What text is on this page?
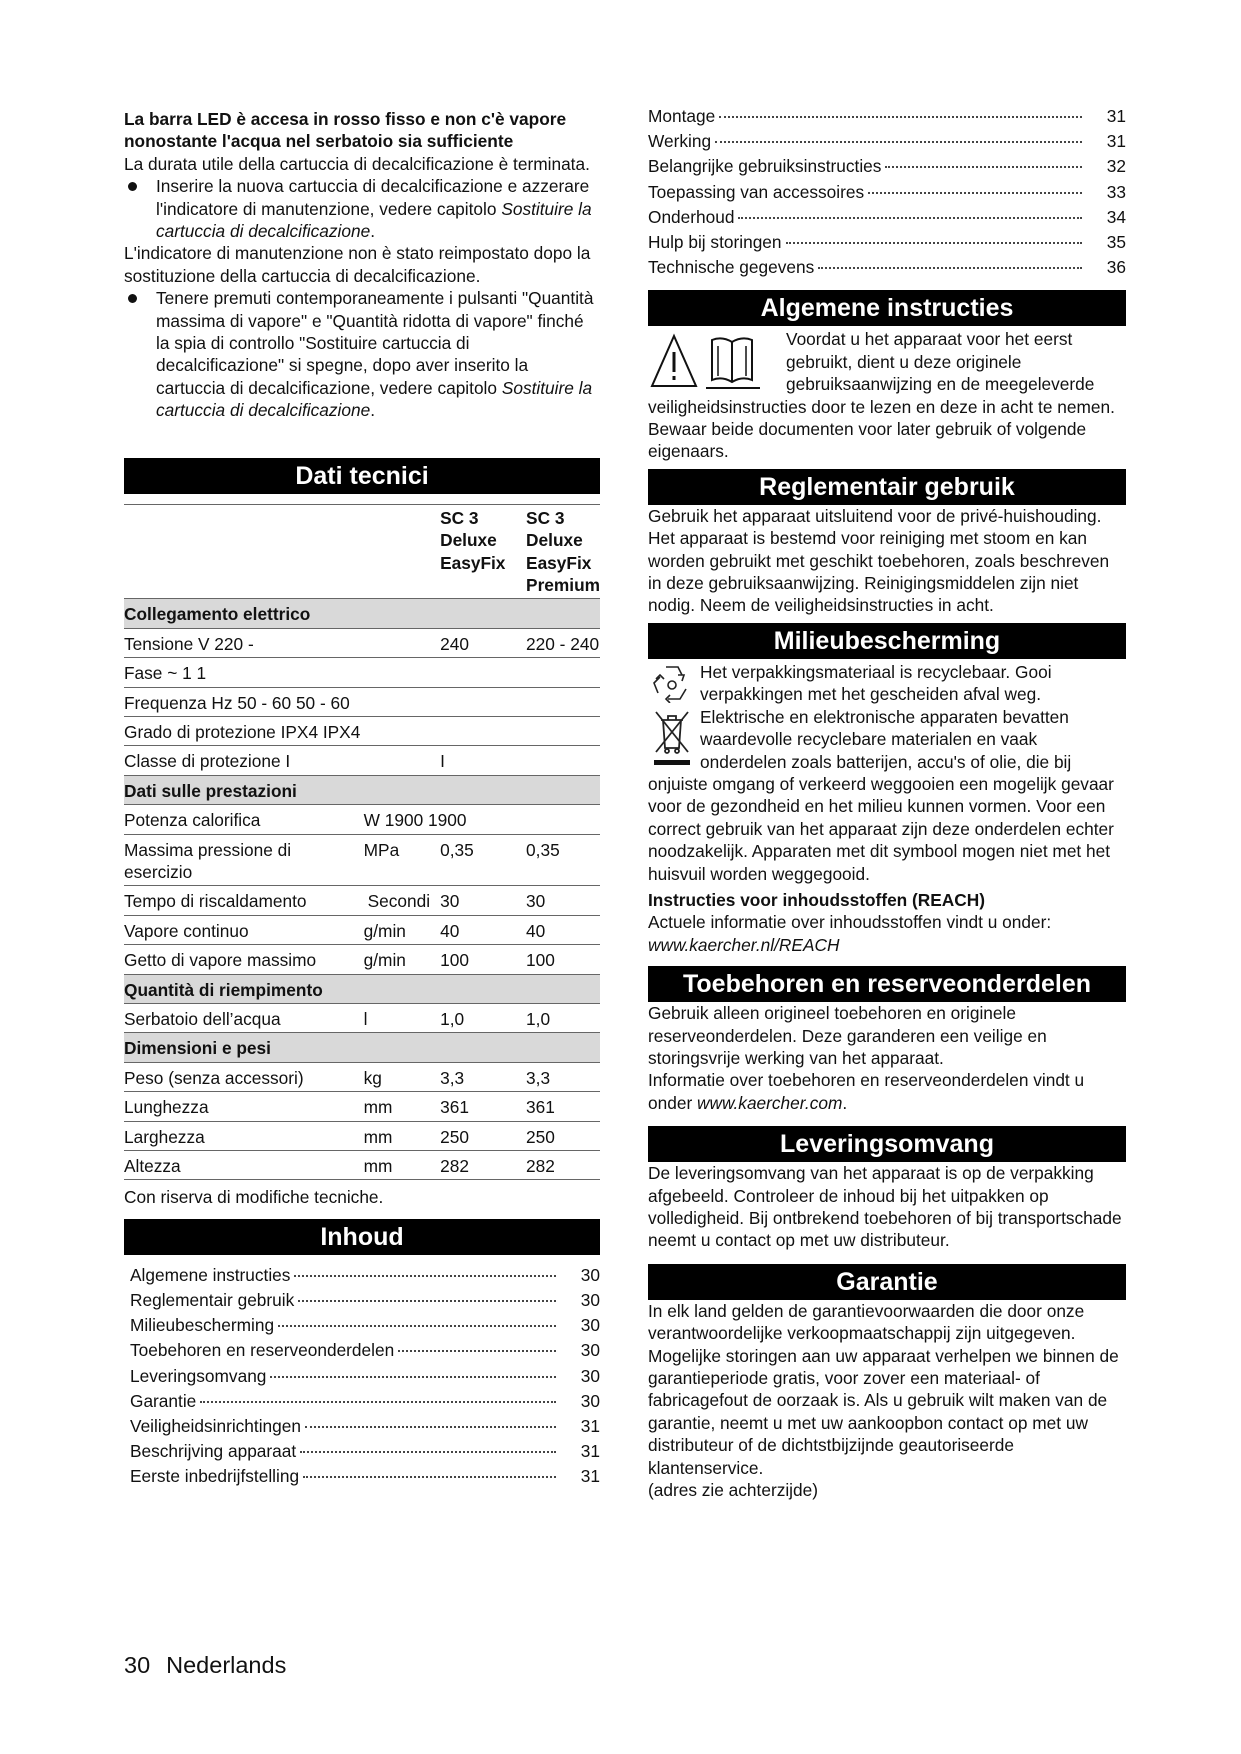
La barra LED è accesa in rosso fisso e non c'è vapore nonostante l'acqua nel serbatoio sia sufficiente

La durata utile della cartuccia di decalcificazione è terminata.

Inserire la nuova cartuccia di decalcificazione e azzerare l'indicatore di manutenzione, vedere capitolo Sostituire la cartuccia di decalcificazione.

L'indicatore di manutenzione non è stato reimpostato dopo la sostituzione della cartuccia di decalcificazione.

Tenere premuti contemporaneamente i pulsanti "Quantità massima di vapore" e "Quantità ridotta di vapore" finché la spia di controllo "Sostituire cartuccia di decalcificazione" si spegne, dopo aver inserito la cartuccia di decalcificazione, vedere capitolo Sostituire la cartuccia di decalcificazione.
Dati tecnici
		SC 3 Deluxe EasyFix	SC 3 Deluxe EasyFix Premium
Collegamento elettrico			
Tensione V 220 -		240	220 - 240
Fase ~ 1 1			
Frequenza Hz 50 - 60 50 - 60			
Grado di protezione IPX4 IPX4			
Classe di protezione I		I	
Dati sulle prestazioni			
Potenza calorifica	W 1900 1900		
Massima pressione di esercizio	MPa	0,35	0,35
Tempo di riscaldamento	Secondi	30	30
Vapore continuo	g/min	40	40
Getto di vapore massimo	g/min	100	100
Quantità di riempimento			
Serbatoio dell’acqua	l	1,0	1,0
Dimensioni e pesi			
Peso (senza accessori)	kg	3,3	3,3
Lunghezza	mm	361	361
Larghezza	mm	250	250
Altezza	mm	282	282

Con riserva di modifiche tecniche.

Inhoud
Algemene instructies	30
Reglementair gebruik	30
Milieubescherming	30
Toebehoren en reserveonderdelen	30
Leveringsomvang	30
Garantie	30
Veiligheidsinrichtingen	31
Beschrijving apparaat	31
Eerste inbedrijfstelling	31
Montage	31
Werking	31
Belangrijke gebruiksinstructies	32
Toepassing van accessoires	33
Onderhoud	34
Hulp bij storingen	35
Technische gegevens	36
Algemene instructies

Voordat u het apparaat voor het eerst gebruikt, dient u deze originele gebruiksaanwijzing en de meegeleverde veiligheidsinstructies door te lezen en deze in acht te nemen.

Bewaar beide documenten voor later gebruik of volgende eigenaars.

Reglementair gebruik

Gebruik het apparaat uitsluitend voor de privé-huishouding. Het apparaat is bestemd voor reiniging met stoom en kan worden gebruikt met geschikt toebehoren, zoals beschreven in deze gebruiksaanwijzing. Reinigingsmiddelen zijn niet nodig. Neem de veiligheidsinstructies in acht.

Milieubescherming

Het verpakkingsmateriaal is recyclebaar. Gooi verpakkingen met het gescheiden afval weg.

Elektrische en elektronische apparaten bevatten waardevolle recyclebare materialen en vaak onderdelen zoals batterijen, accu's of olie, die bij onjuiste omgang of verkeerd weggooien een mogelijk gevaar voor de gezondheid en het milieu kunnen vormen. Voor een correct gebruik van het apparaat zijn deze onderdelen echter noodzakelijk. Apparaten met dit symbool mogen niet met het huisvuil worden weggegooid.

Instructies voor inhoudsstoffen (REACH)

Actuele informatie over inhoudsstoffen vindt u onder:

www.kaercher.nl/REACH

Toebehoren en reserveonderdelen

Gebruik alleen origineel toebehoren en originele reserveonderdelen. Deze garanderen een veilige en storingsvrije werking van het apparaat.

Informatie over toebehoren en reserveonderdelen vindt u onder www.kaercher.com.

Leveringsomvang

De leveringsomvang van het apparaat is op de verpakking afgebeeld. Controleer de inhoud bij het uitpakken op volledigheid. Bij ontbrekend toebehoren of bij transportschade neemt u contact op met uw distributeur.

Garantie

In elk land gelden de garantievoorwaarden die door onze verantwoordelijke verkoopmaatschappij zijn uitgegeven. Mogelijke storingen aan uw apparaat verhelpen we binnen de garantieperiode gratis, voor zover een materiaal- of fabricagefout de oorzaak is. Als u gebruik wilt maken van de garantie, neemt u met uw aankoopbon contact op met uw distributeur of de dichtstbijzijnde geautoriseerde klantenservice.

(adres zie achterzijde)

30 Nederlands
